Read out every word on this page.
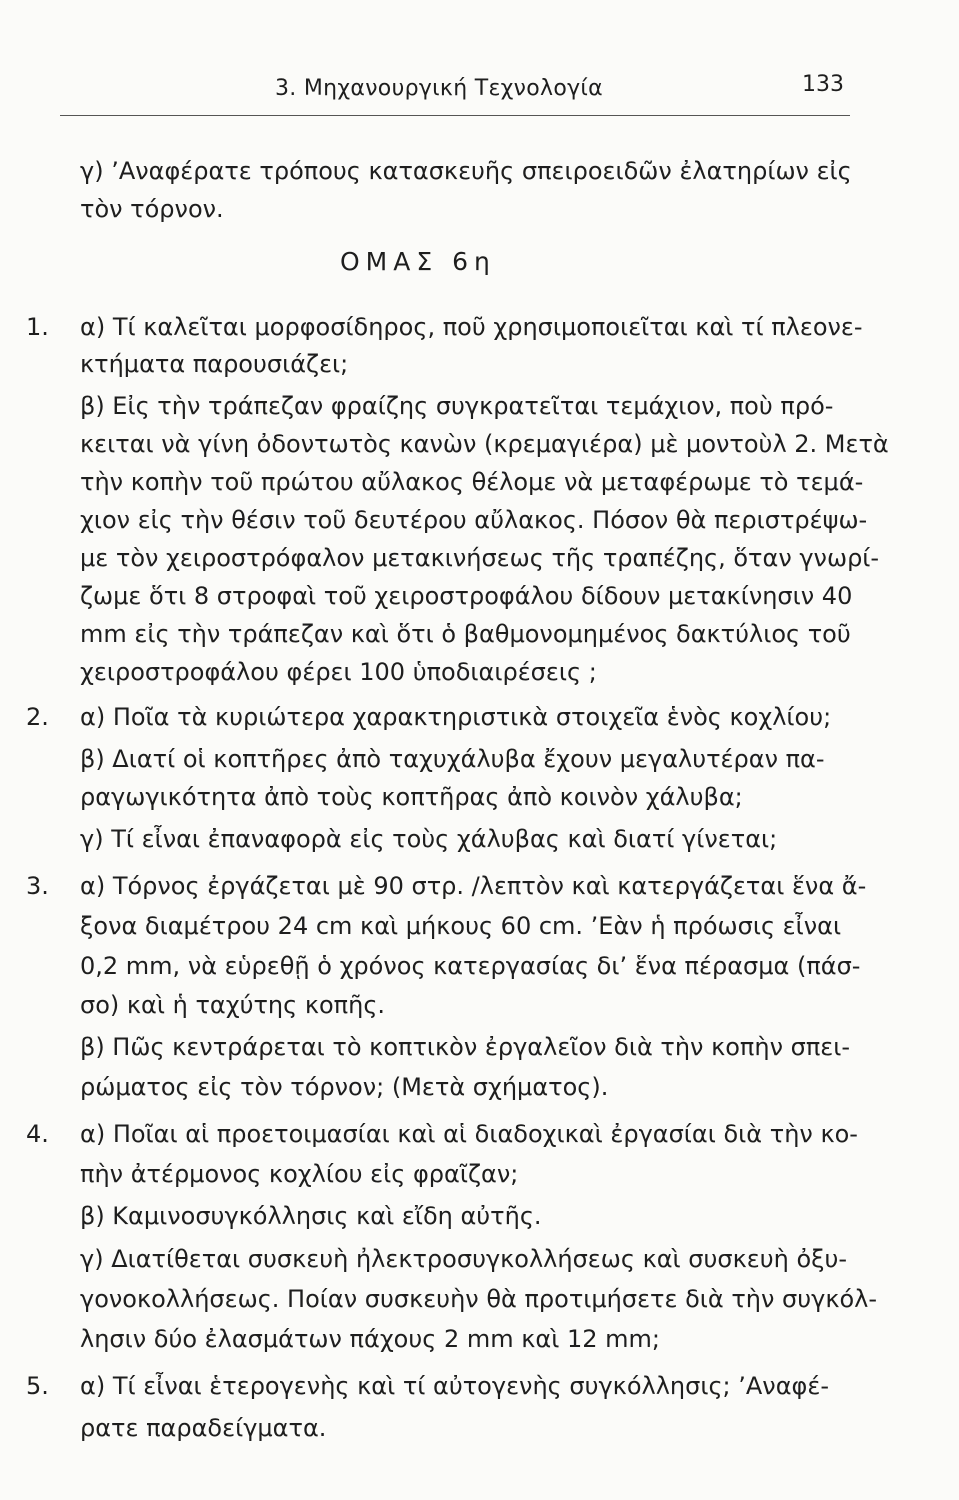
3. Μηχανουργική Τεχνολογία	133
γ) ’Αναφέρατε τρόπους κατασκευῆς σπειροειδῶν ἐλατηρίων εἰς
τὸν τόρνον.
ΟΜΑΣ 6η
1. α) Τί καλεῖται μορφοσίδηρος, ποῦ χρησιμοποιεῖται καὶ τί πλεονε-
κτήματα παρουσιάζει;
β) Εἰς τὴν τράπεζαν φραίζης συγκρατεῖται τεμάχιον, ποὺ πρό-
κειται νὰ γίνη ὀδοντωτὸς κανὼν (κρεμαγιέρα) μὲ μοντοὺλ 2. Μετὰ
τὴν κοπὴν τοῦ πρώτου αὔλακος θέλομε νὰ μεταφέρωμε τὸ τεμά-
χιον εἰς τὴν θέσιν τοῦ δευτέρου αὔλακος. Πόσον θὰ περιστρέψω-
με τὸν χειροστρόφαλον μετακινήσεως τῆς τραπέζης, ὅταν γνωρί-
ζωμε ὅτι 8 στροφαὶ τοῦ χειροστροφάλου δίδουν μετακίνησιν 40
mm εἰς τὴν τράπεζαν καὶ ὅτι ὁ βαθμονομημένος δακτύλιος τοῦ
χειροστροφάλου φέρει 100 ὑποδιαιρέσεις ;
2. α) Ποῖα τὰ κυριώτερα χαρακτηριστικὰ στοιχεῖα ἑνὸς κοχλίου;
β) Διατί οἱ κοπτῆρες ἀπὸ ταχυχάλυβα ἔχουν μεγαλυτέραν πα-
ραγωγικότητα ἀπὸ τοὺς κοπτῆρας ἀπὸ κοινὸν χάλυβα;
γ) Τί εἶναι ἐπαναφορὰ εἰς τοὺς χάλυβας καὶ διατί γίνεται;
3. α) Τόρνος ἐργάζεται μὲ 90 στρ. /λεπτὸν καὶ κατεργάζεται ἕνα ἄ-
ξονα διαμέτρου 24 cm καὶ μήκους 60 cm. ’Εὰν ἡ πρόωσις εἶναι
0,2 mm, νὰ εὑρεθῇ ὁ χρόνος κατεργασίας δι’ ἕνα πέρασμα (πάσ-
σο) καὶ ἡ ταχύτης κοπῆς.
β) Πῶς κεντράρεται τὸ κοπτικὸν ἐργαλεῖον διὰ τὴν κοπὴν σπει-
ρώματος εἰς τὸν τόρνον; (Μετὰ σχήματος).
4. α) Ποῖαι αἱ προετοιμασίαι καὶ αἱ διαδοχικαὶ ἐργασίαι διὰ τὴν κο-
πὴν ἀτέρμονος κοχλίου εἰς φραῖζαν;
β) Καμινοσυγκόλλησις καὶ εἴδη αὐτῆς.
γ) Διατίθεται συσκευὴ ἠλεκτροσυγκολλήσεως καὶ συσκευὴ ὀξυ-
γονοκολλήσεως. Ποίαν συσκευὴν θὰ προτιμήσετε διὰ τὴν συγκόλ-
λησιν δύο ἐλασμάτων πάχους 2 mm καὶ 12 mm;
5. α) Τί εἶναι ἑτερογενὴς καὶ τί αὐτογενὴς συγκόλλησις; ’Αναφέ-
ρατε παραδείγματα.
